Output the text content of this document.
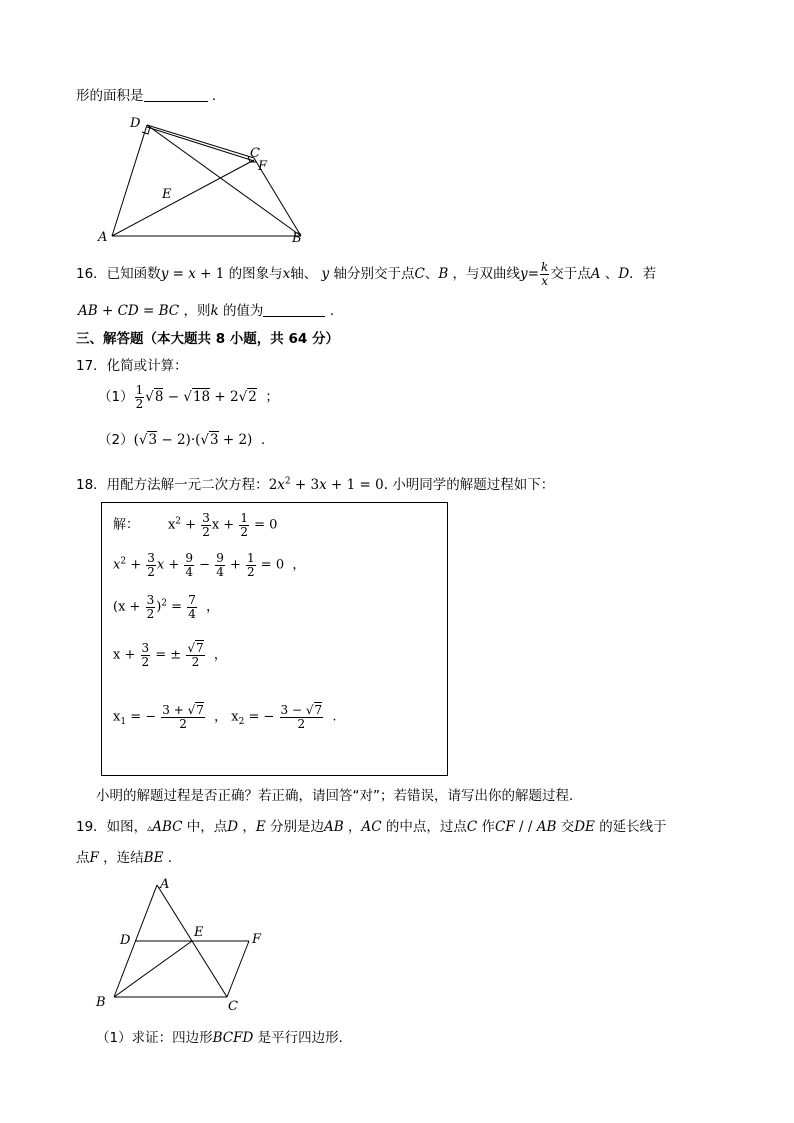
形的面积是	.
D
C
F
E
A	B
16．已知函数y = x + 1 的图象与x轴、 y 轴分别交于点C、B ，与双曲线$y= \frac{k}{x}$ 交于点A 、D．若
AB + CD = BC ，则k 的值为	.
三、解答题（本大题共 8 小题，共 64 分）
17．化简或计算：
$(1) \frac{1}{2} √8 - √18 + 2√2$  ；
（2）(√3 − 2)·(√3 + 2)  .
18．用配方法解一元二次方程：$2x^2 + 3x + 1 = 0$. 小明同学的解题过程如下：
解：       $x^2 + \frac{3}{2}$ $x + \frac{1}{2} = 0$
$x^2 + \frac{3}{2}$ $x + \frac{9}{4} - \frac{9}{4} + \frac{1}{2} = 0$  ，
$(x + \frac{3}{2} )^2 = \frac{7}{4}$ ，
$x + \frac{3}{2}$ = ± $\frac{√7}{2}$ ，
$x_1$ = − $\frac{3 + √7}{2}$ ， $x_2$ = − $\frac{3 - √7}{2}$ .
小明的解题过程是否正确？若正确，请回答“对”；若错误，请写出你的解题过程．
19．如图，▵ABC 中，点D ，E 分别是边AB ，AC 的中点，过点C 作CF / / AB 交DE 的延长线于
点F ，连结BE .
A
D
E	F
B	C
（1）求证：四边形BCFD 是平行四边形．
